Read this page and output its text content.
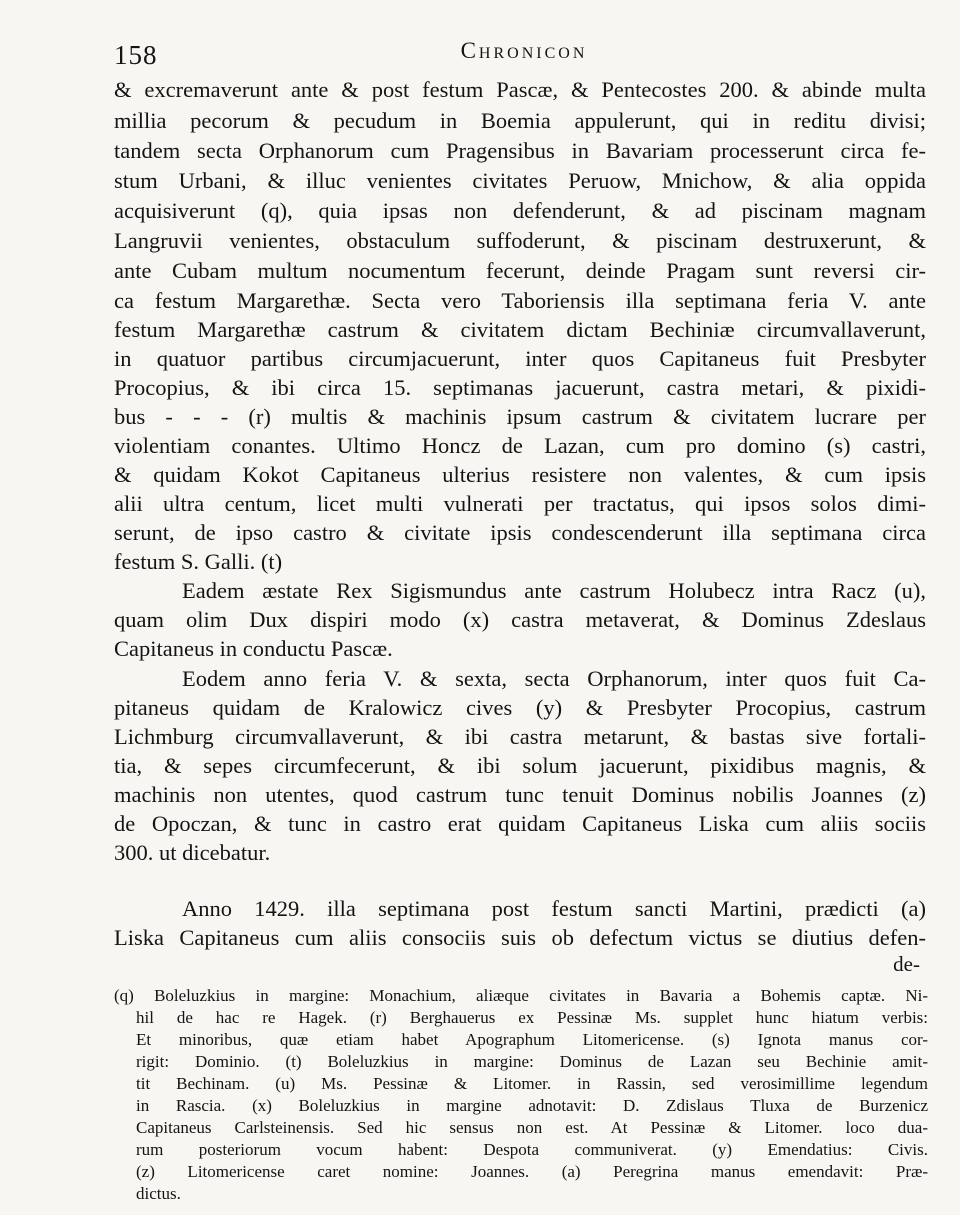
158	Chronicon
& excremaverunt ante & post festum Pascæ, & Pentecostes 200. & abinde multa
millia pecorum & pecudum in Boemia appulerunt, qui in reditu divisi;
tandem secta Orphanorum cum Pragensibus in Bavariam processerunt circa fe-
stum Urbani, & illuc venientes civitates Peruow, Mnichow, & alia oppida
acquisiverunt (q), quia ipsas non defenderunt, & ad piscinam magnam
Langruvii venientes, obstaculum suffoderunt, & piscinam destruxerunt, &
ante Cubam multum nocumentum fecerunt, deinde Pragam sunt reversi cir-
ca festum Margarethæ. Secta vero Taboriensis illa septimana feria V. ante
festum Margarethæ castrum & civitatem dictam Bechiniæ circumvallaverunt,
in quatuor partibus circumjacuerunt, inter quos Capitaneus fuit Presbyter
Procopius, & ibi circa 15. septimanas jacuerunt, castra metari, & pixidi-
bus - - - (r) multis & machinis ipsum castrum & civitatem lucrare per
violentiam conantes. Ultimo Honcz de Lazan, cum pro domino (s) castri,
& quidam Kokot Capitaneus ulterius resistere non valentes, & cum ipsis
alii ultra centum, licet multi vulnerati per tractatus, qui ipsos solos dimi-
serunt, de ipso castro & civitate ipsis condescenderunt illa septimana circa
festum S. Galli. (t)
Eadem æstate Rex Sigismundus ante castrum Holubecz intra Racz (u),
quam olim Dux dispiri modo (x) castra metaverat, & Dominus Zdeslaus
Capitaneus in conductu Pascæ.
Eodem anno feria V. & sexta, secta Orphanorum, inter quos fuit Ca-
pitaneus quidam de Kralowicz cives (y) & Presbyter Procopius, castrum
Lichmburg circumvallaverunt, & ibi castra metarunt, & bastas sive fortali-
tia, & sepes circumfecerunt, & ibi solum jacuerunt, pixidibus magnis, &
machinis non utentes, quod castrum tunc tenuit Dominus nobilis Joannes (z)
de Opoczan, & tunc in castro erat quidam Capitaneus Liska cum aliis sociis
300. ut dicebatur.
Anno 1429. illa septimana post festum sancti Martini, prædicti (a)
Liska Capitaneus cum aliis consociis suis ob defectum victus se diutius defen-
de-
(q) Boleluzkius in margine: Monachium, aliæque civitates in Bavaria a Bohemis captæ. Ni-
hil de hac re Hagek. (r) Berghauerus ex Pessinæ Ms. supplet hunc hiatum verbis:
Et minoribus, quæ etiam habet Apographum Litomericense. (s) Ignota manus cor-
rigit: Dominio. (t) Boleluzkius in margine: Dominus de Lazan seu Bechinie amit-
tit Bechinam. (u) Ms. Pessinæ & Litomer. in Rassin, sed verosimillime legendum
in Rascia. (x) Boleluzkius in margine adnotavit: D. Zdislaus Tluxa de Burzenicz
Capitaneus Carlsteinensis. Sed hic sensus non est. At Pessinæ & Litomer. loco dua-
rum posteriorum vocum habent: Despota communiverat. (y) Emendatius: Civis.
(z) Litomericense caret nomine: Joannes. (a) Peregrina manus emendavit: Præ-
dictus.
